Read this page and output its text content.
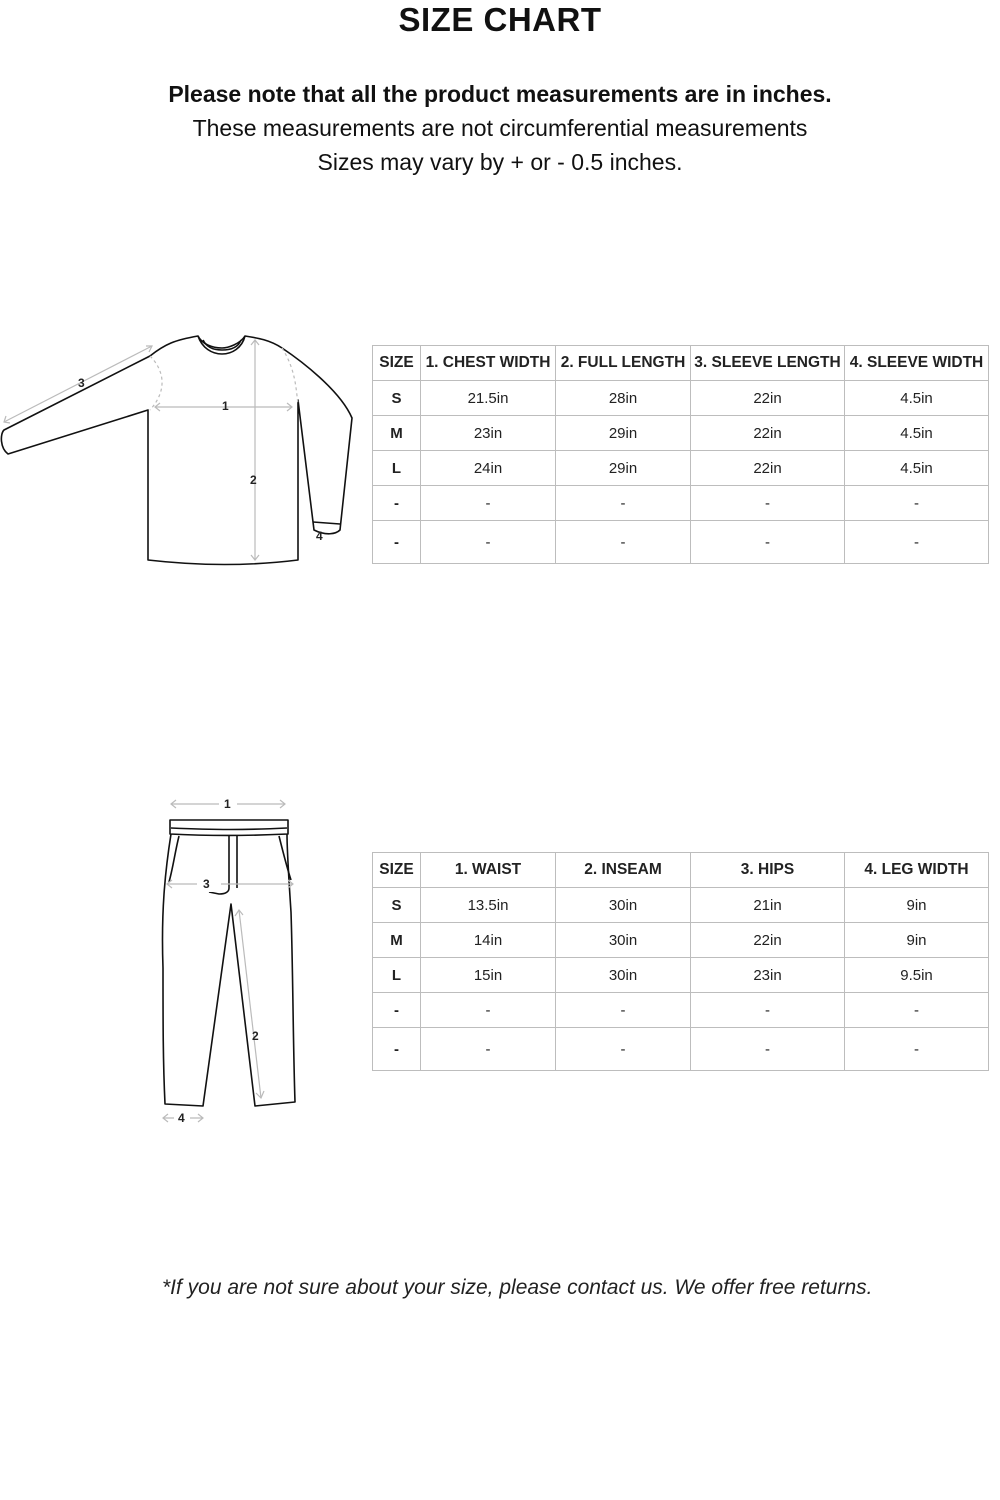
SIZE CHART
Please note that all the product measurements are in inches.
These measurements are not circumferential measurements
Sizes may vary by + or - 0.5 inches.
1
2
3
4
SIZE	1. CHEST WIDTH	2. FULL LENGTH	3. SLEEVE LENGTH	4. SLEEVE WIDTH
S	21.5in	28in	22in	4.5in
M	23in	29in	22in	4.5in
L	24in	29in	22in	4.5in
-	-	-	-	-
-	-	-	-	-
1
2
3
4
SIZE	1. WAIST	2. INSEAM	3. HIPS	4. LEG WIDTH
S	13.5in	30in	21in	9in
M	14in	30in	22in	9in
L	15in	30in	23in	9.5in
-	-	-	-	-
-	-	-	-	-
*If you are not sure about your size, please contact us. We offer free returns.
